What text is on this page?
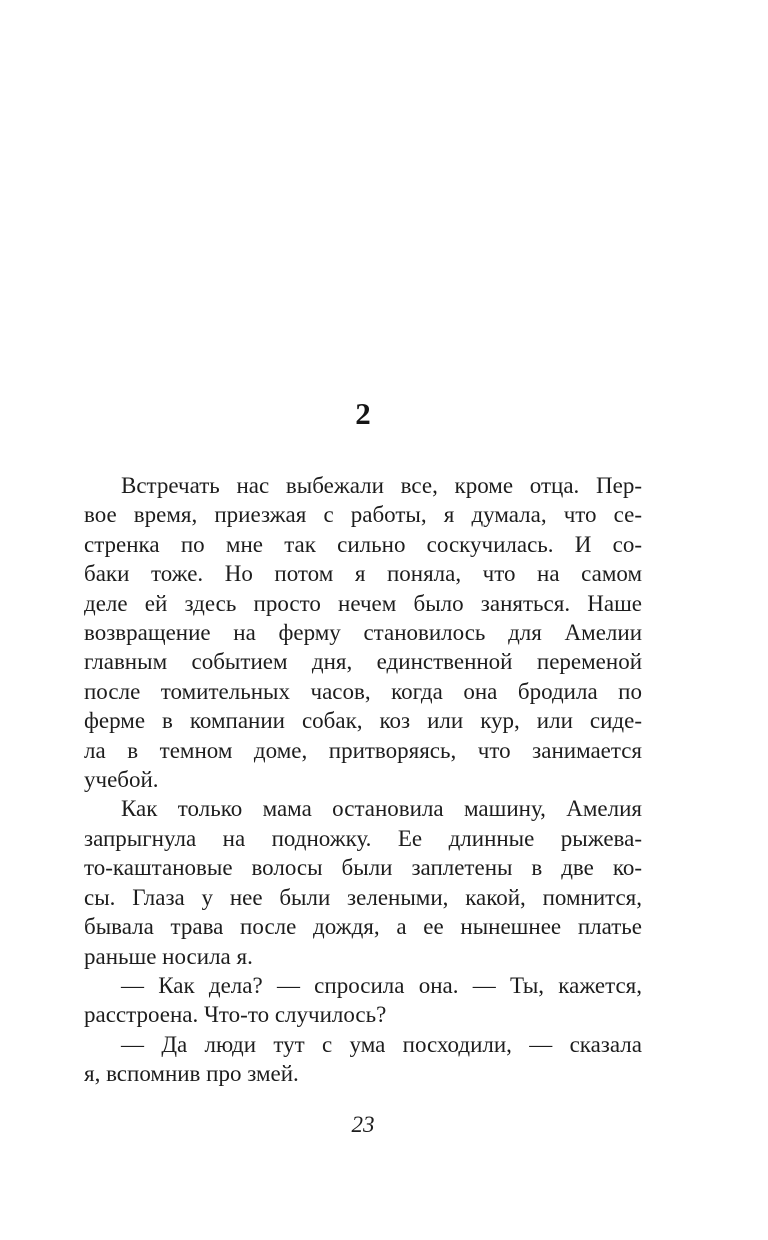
2
Встречать нас выбежали все, кроме отца. Пер-
вое время, приезжая с работы, я думала, что се-
стренка по мне так сильно соскучилась. И со-
баки тоже. Но потом я поняла, что на самом
деле ей здесь просто нечем было заняться. Наше
возвращение на ферму становилось для Амелии
главным событием дня, единственной переменой
после томительных часов, когда она бродила по
ферме в компании собак, коз или кур, или сиде-
ла в темном доме, притворяясь, что занимается
учебой.
Как только мама остановила машину, Амелия
запрыгнула на подножку. Ее длинные рыжева-
то-каштановые волосы были заплетены в две ко-
сы. Глаза у нее были зелеными, какой, помнится,
бывала трава после дождя, а ее нынешнее платье
раньше носила я.
— Как дела? — спросила она. — Ты, кажется,
расстроена. Что-то случилось?
— Да люди тут с ума посходили, — сказала
я, вспомнив про змей.
23
